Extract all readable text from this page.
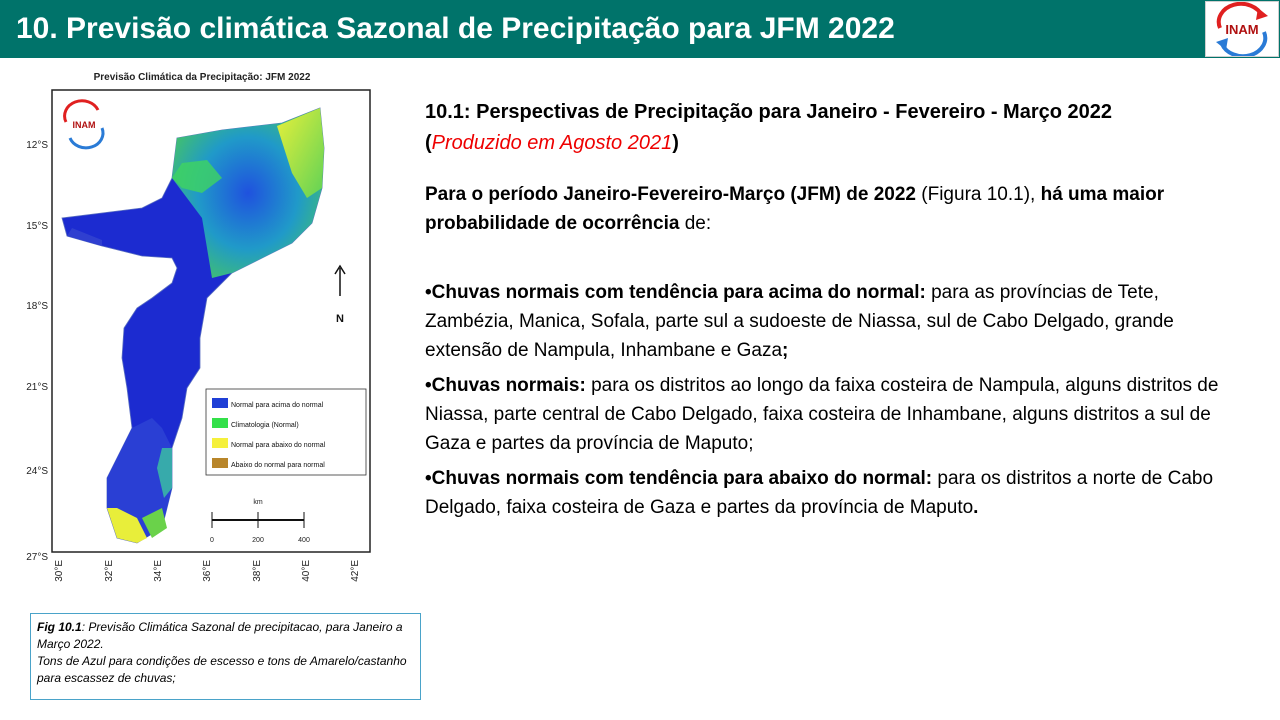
10. Previsão climática Sazonal de Precipitação para JFM 2022	INAM
Previsão Climática da Precipitação: JFM 2022
INAM
12°S
15°S
18°S
21°S
24°S
27°S
30°E	32°E	34°E	36°E	38°E	40°E	42°E
N
Normal para acima do normal
Climatologia (Normal)
Normal para abaixo do normal
Abaixo do normal para normal
km
0	200	400
Fig 10.1: Previsão Climática Sazonal de precipitacao, para Janeiro a Março 2022.
Tons de Azul para condições de escesso e tons de Amarelo/castanho para escassez de chuvas;
10.1: Perspectivas de Precipitação para Janeiro - Fevereiro - Março 2022
(Produzido em Agosto 2021)
Para o período Janeiro-Fevereiro-Março (JFM) de 2022 (Figura 10.1), há uma maior probabilidade de ocorrência de:
•Chuvas normais com tendência para acima do normal: para as províncias de Tete, Zambézia, Manica, Sofala, parte sul a sudoeste de Niassa, sul de Cabo Delgado, grande extensão de Nampula, Inhambane e Gaza;
•Chuvas normais: para os distritos ao longo da faixa costeira de Nampula, alguns distritos de Niassa, parte central de Cabo Delgado, faixa costeira de Inhambane, alguns distritos a sul de Gaza e partes da província de Maputo;
•Chuvas normais com tendência para abaixo do normal: para os distritos a norte de Cabo Delgado, faixa costeira de Gaza e partes da província de Maputo.
